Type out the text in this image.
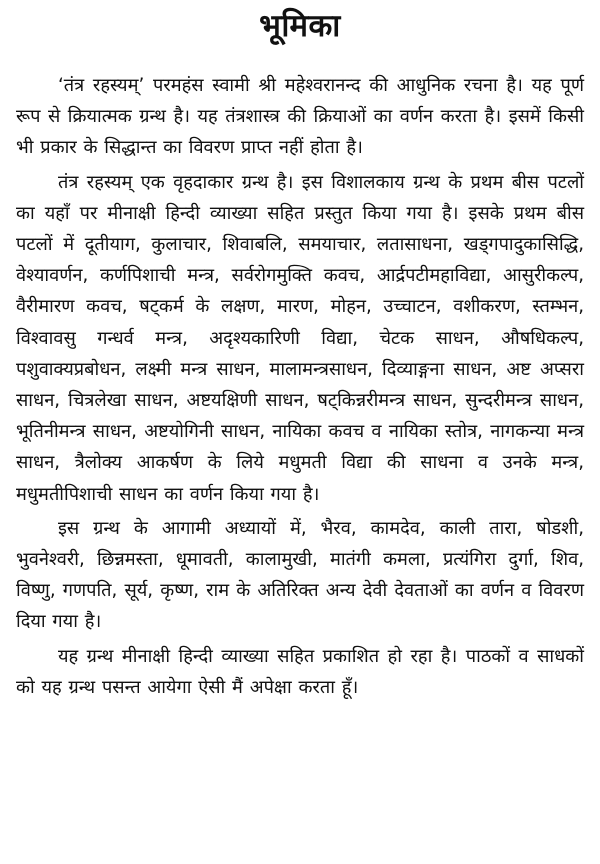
भूमिका

‘तंत्र रहस्यम्’ परमहंस स्वामी श्री महेश्वरानन्द की आधुनिक रचना है। यह पूर्ण रूप से क्रियात्मक ग्रन्थ है। यह तंत्रशास्त्र की क्रियाओं का वर्णन करता है। इसमें किसी भी प्रकार के सिद्धान्त का विवरण प्राप्त नहीं होता है।

तंत्र रहस्यम् एक वृहदाकार ग्रन्थ है। इस विशालकाय ग्रन्थ के प्रथम बीस पटलों का यहाँ पर मीनाक्षी हिन्दी व्याख्या सहित प्रस्तुत किया गया है। इसके प्रथम बीस पटलों में दूतीयाग, कुलाचार, शिवाबलि, समयाचार, लतासाधना, खड्गपादुकासिद्धि, वेश्यावर्णन, कर्णपिशाची मन्त्र, सर्वरोगमुक्ति कवच, आर्द्रपटीमहाविद्या, आसुरीकल्प, वैरीमारण कवच, षट्कर्म के लक्षण, मारण, मोहन, उच्चाटन, वशीकरण, स्तम्भन, विश्वावसु गन्धर्व मन्त्र, अदृश्यकारिणी विद्या, चेटक साधन, औषधिकल्प, पशुवाक्यप्रबोधन, लक्ष्मी मन्त्र साधन, मालामन्त्रसाधन, दिव्याङ्गना साधन, अष्ट अप्सरा साधन, चित्रलेखा साधन, अष्टयक्षिणी साधन, षट्किन्नरीमन्त्र साधन, सुन्दरीमन्त्र साधन, भूतिनीमन्त्र साधन, अष्टयोगिनी साधन, नायिका कवच व नायिका स्तोत्र, नागकन्या मन्त्र साधन, त्रैलोक्य आकर्षण के लिये मधुमती विद्या की साधना व उनके मन्त्र, मधुमतीपिशाची साधन का वर्णन किया गया है।

इस ग्रन्थ के आगामी अध्यायों में, भैरव, कामदेव, काली तारा, षोडशी, भुवनेश्वरी, छिन्नमस्ता, धूमावती, कालामुखी, मातंगी कमला, प्रत्यंगिरा दुर्गा, शिव, विष्णु, गणपति, सूर्य, कृष्ण, राम के अतिरिक्त अन्य देवी देवताओं का वर्णन व विवरण दिया गया है।

यह ग्रन्थ मीनाक्षी हिन्दी व्याख्या सहित प्रकाशित हो रहा है। पाठकों व साधकों को यह ग्रन्थ पसन्त आयेगा ऐसी मैं अपेक्षा करता हूँ।
